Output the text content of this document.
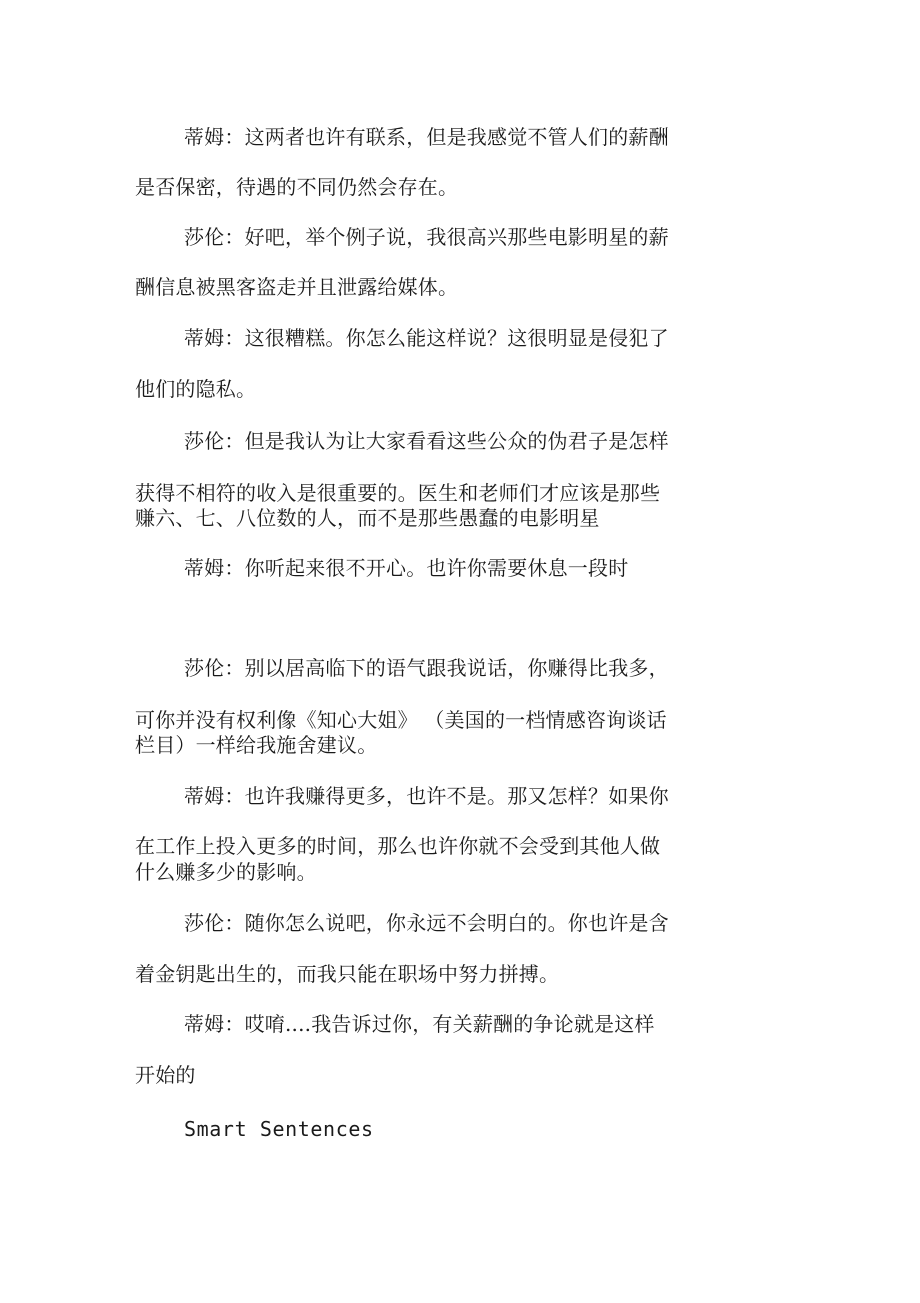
蒂姆：这两者也许有联系，但是我感觉不管人们的薪酬
是否保密，待遇的不同仍然会存在。
莎伦：好吧，举个例子说，我很高兴那些电影明星的薪
酬信息被黑客盗走并且泄露给媒体。
蒂姆：这很糟糕。你怎么能这样说？这很明显是侵犯了
他们的隐私。
莎伦：但是我认为让大家看看这些公众的伪君子是怎样
获得不相符的收入是很重要的。医生和老师们才应该是那些
赚六、七、八位数的人，而不是那些愚蠢的电影明星
蒂姆：你听起来很不开心。也许你需要休息一段时
莎伦：别以居高临下的语气跟我说话，你赚得比我多，
可你并没有权利像《知心大姐》 （美国的一档情感咨询谈话
栏目）一样给我施舍建议。
蒂姆：也许我赚得更多，也许不是。那又怎样？如果你
在工作上投入更多的时间，那么也许你就不会受到其他人做
什么赚多少的影响。
莎伦：随你怎么说吧，你永远不会明白的。你也许是含
着金钥匙出生的，而我只能在职场中努力拼搏。
蒂姆：哎唷....我告诉过你，有关薪酬的争论就是这样
开始的
Smart Sentences
